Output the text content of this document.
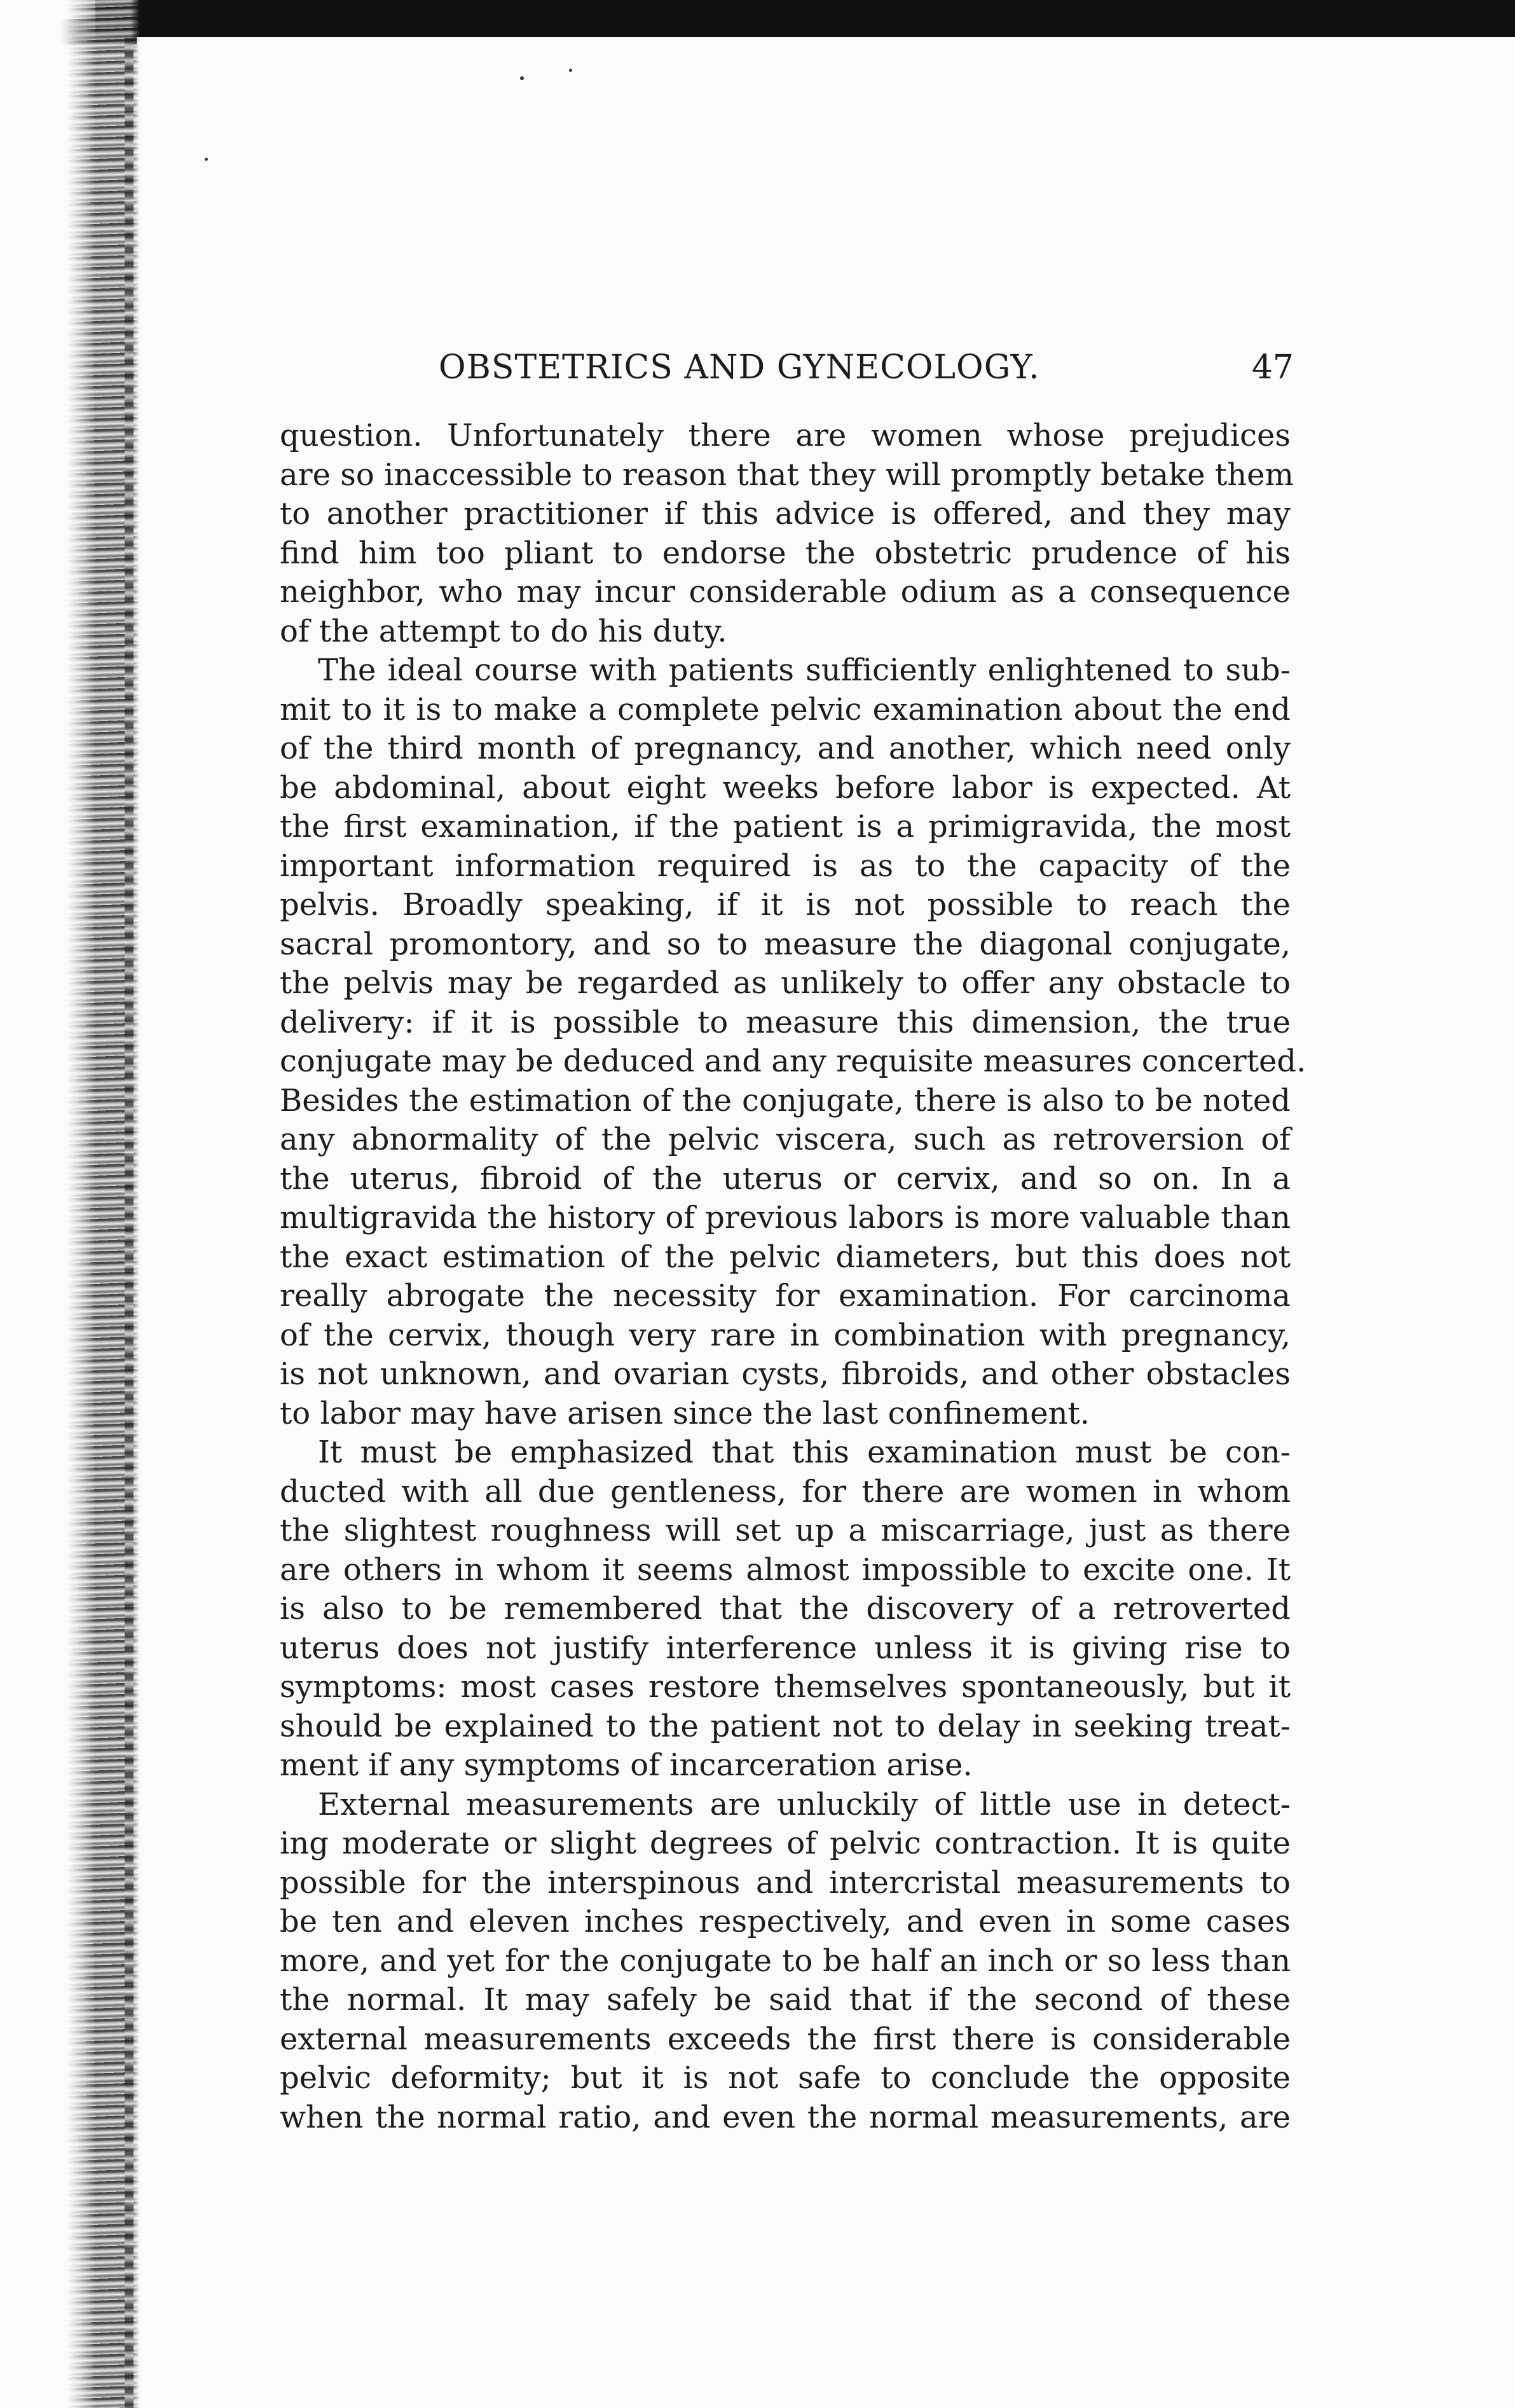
OBSTETRICS AND GYNECOLOGY.	47
question. Unfortunately there are women whose prejudices
are so inaccessible to reason that they will promptly betake them
to another practitioner if this advice is offered, and they may
find him too pliant to endorse the obstetric prudence of his
neighbor, who may incur considerable odium as a consequence
of the attempt to do his duty.
The ideal course with patients sufficiently enlightened to sub-
mit to it is to make a complete pelvic examination about the end
of the third month of pregnancy, and another, which need only
be abdominal, about eight weeks before labor is expected. At
the first examination, if the patient is a primigravida, the most
important information required is as to the capacity of the
pelvis. Broadly speaking, if it is not possible to reach the
sacral promontory, and so to measure the diagonal conjugate,
the pelvis may be regarded as unlikely to offer any obstacle to
delivery: if it is possible to measure this dimension, the true
conjugate may be deduced and any requisite measures concerted.
Besides the estimation of the conjugate, there is also to be noted
any abnormality of the pelvic viscera, such as retroversion of
the uterus, fibroid of the uterus or cervix, and so on. In a
multigravida the history of previous labors is more valuable than
the exact estimation of the pelvic diameters, but this does not
really abrogate the necessity for examination. For carcinoma
of the cervix, though very rare in combination with pregnancy,
is not unknown, and ovarian cysts, fibroids, and other obstacles
to labor may have arisen since the last confinement.
It must be emphasized that this examination must be con-
ducted with all due gentleness, for there are women in whom
the slightest roughness will set up a miscarriage, just as there
are others in whom it seems almost impossible to excite one. It
is also to be remembered that the discovery of a retroverted
uterus does not justify interference unless it is giving rise to
symptoms: most cases restore themselves spontaneously, but it
should be explained to the patient not to delay in seeking treat-
ment if any symptoms of incarceration arise.
External measurements are unluckily of little use in detect-
ing moderate or slight degrees of pelvic contraction. It is quite
possible for the interspinous and intercristal measurements to
be ten and eleven inches respectively, and even in some cases
more, and yet for the conjugate to be half an inch or so less than
the normal. It may safely be said that if the second of these
external measurements exceeds the first there is considerable
pelvic deformity; but it is not safe to conclude the opposite
when the normal ratio, and even the normal measurements, are
